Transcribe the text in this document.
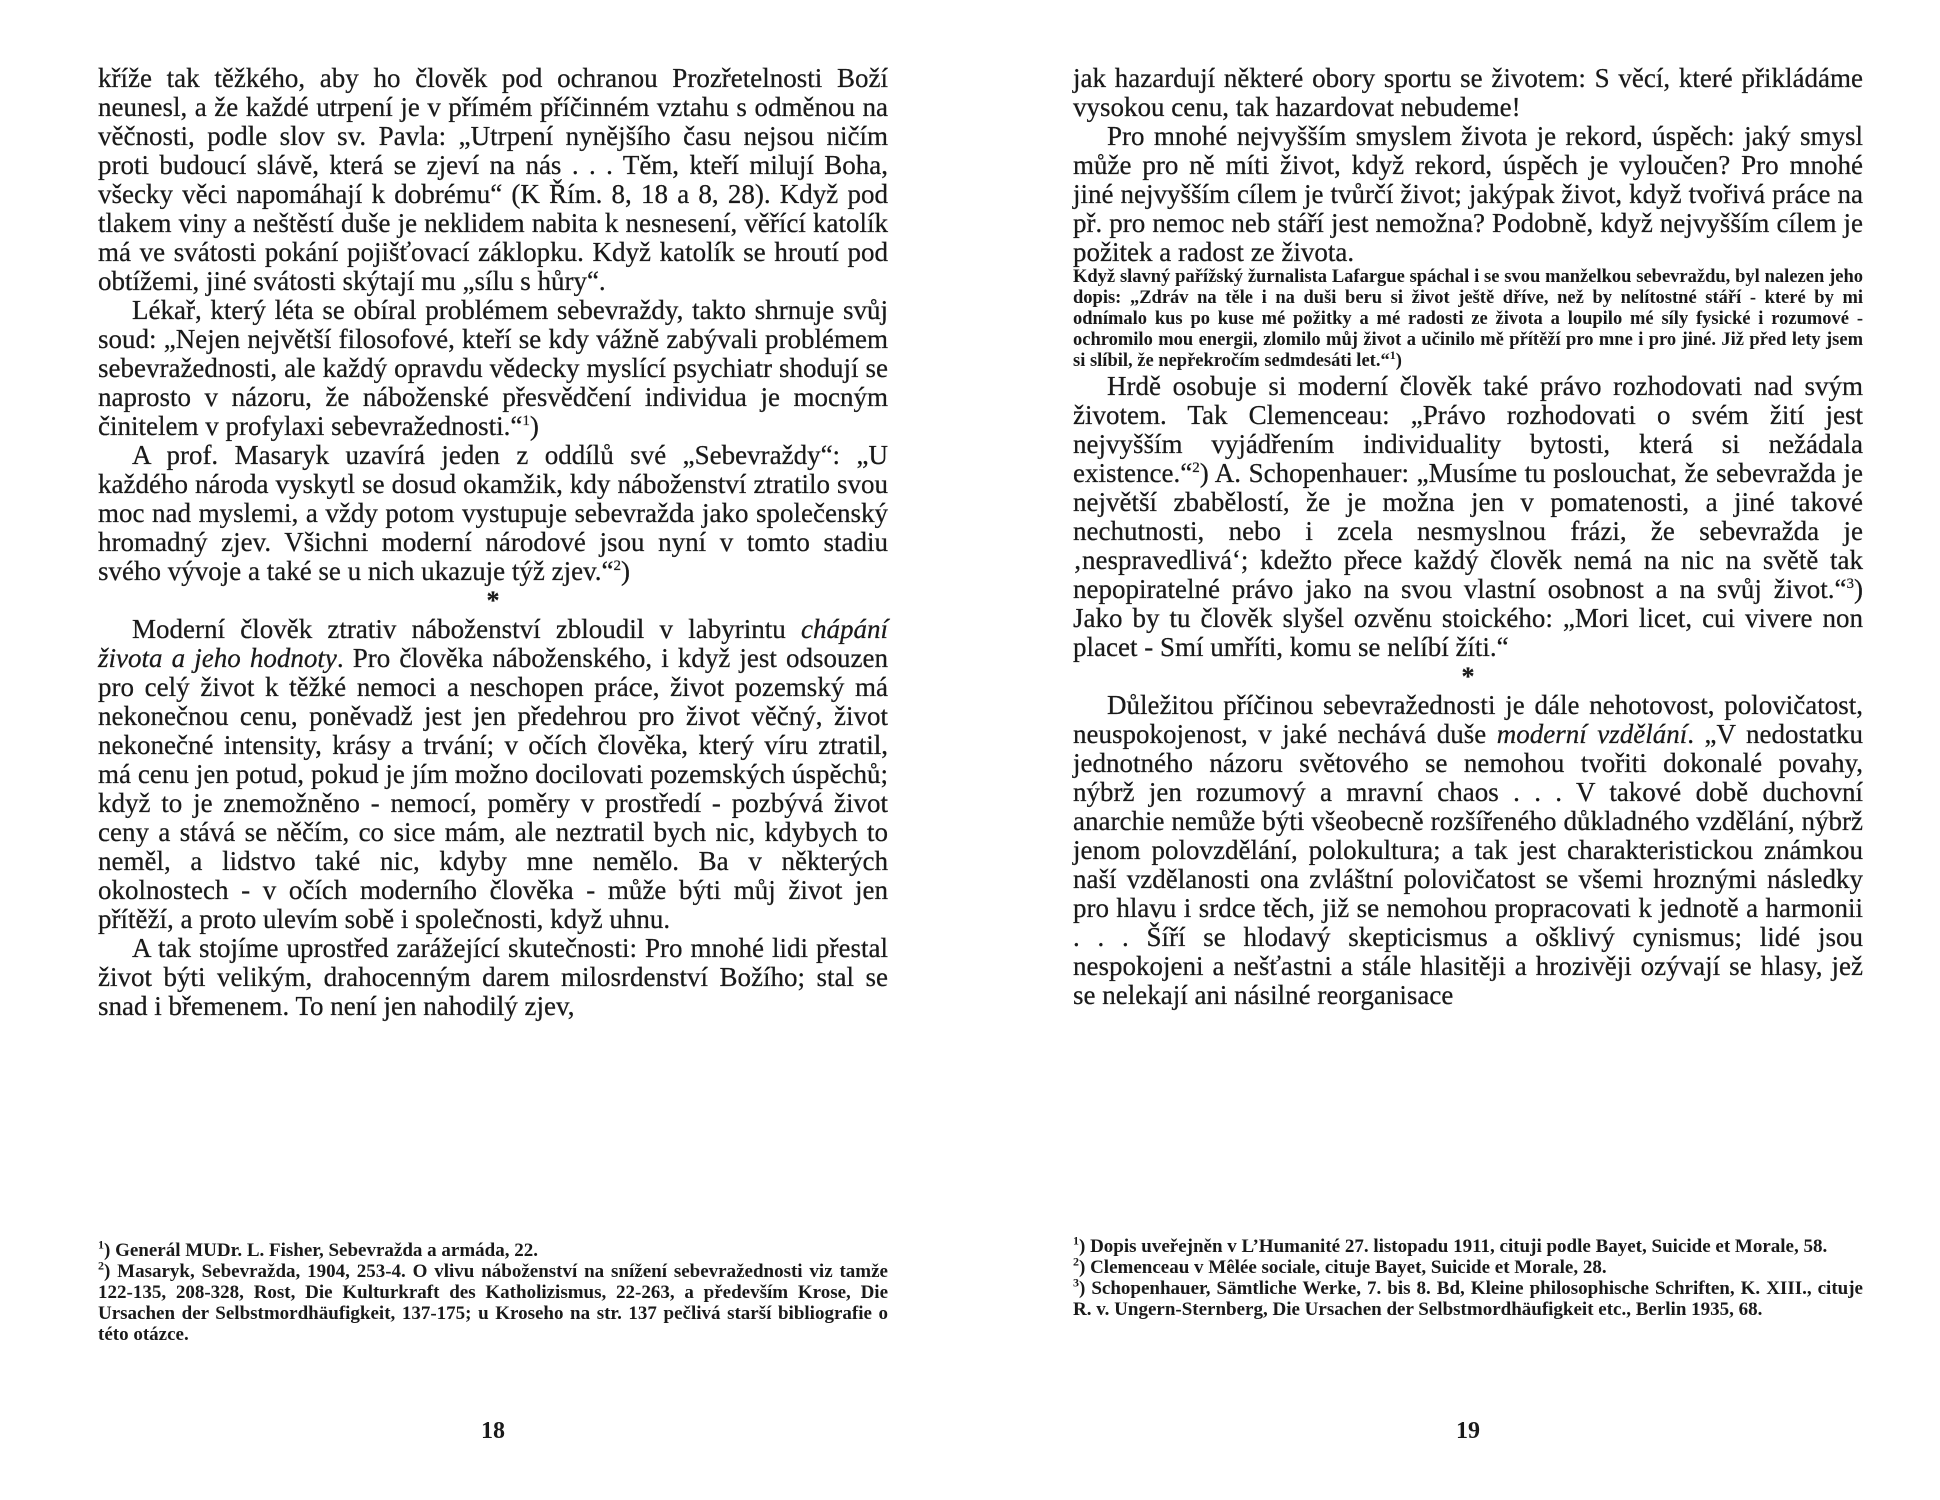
kříže tak těžkého, aby ho člověk pod ochranou Prozřetelnosti Boží neunesl, a že každé utrpení je v přímém příčinném vztahu s odměnou na věčnosti, podle slov sv. Pavla: „Utrpení nynějšího času nejsou ničím proti budoucí slávě, která se zjeví na nás . . . Těm, kteří milují Boha, všecky věci napomáhají k dobrému“ (K Řím. 8, 18 a 8, 28). Když pod tlakem viny a neštěstí duše je neklidem nabita k nesnesení, věřící katolík má ve svátosti pokání pojišťovací záklopku. Když katolík se hroutí pod obtížemi, jiné svátosti skýtají mu „sílu s hůry“.

Lékař, který léta se obíral problémem sebevraždy, takto shrnuje svůj soud: „Nejen největší filosofové, kteří se kdy vážně zabývali problémem sebevražednosti, ale každý opravdu vědecky myslící psychiatr shodují se naprosto v názoru, že náboženské přesvědčení individua je mocným činitelem v profylaxi sebevražednosti.“$^1$)

A prof. Masaryk uzavírá jeden z oddílů své „Sebevraždy“: „U každého národa vyskytl se dosud okamžik, kdy náboženství ztratilo svou moc nad myslemi, a vždy potom vystupuje sebevražda jako společenský hromadný zjev. Všichni moderní národové jsou nyní v tomto stadiu svého vývoje a také se u nich ukazuje týž zjev.“$^2$)

*

Moderní člověk ztrativ náboženství zbloudil v labyrintu chápání života a jeho hodnoty. Pro člověka náboženského, i když jest odsouzen pro celý život k těžké nemoci a neschopen práce, život pozemský má nekonečnou cenu, poněvadž jest jen předehrou pro život věčný, život nekonečné intensity, krásy a trvání; v očích člověka, který víru ztratil, má cenu jen potud, pokud je jím možno docilovati pozemských úspěchů; když to je znemožněno - nemocí, poměry v prostředí - pozbývá život ceny a stává se něčím, co sice mám, ale neztratil bych nic, kdybych to neměl, a lidstvo také nic, kdyby mne nemělo. Ba v některých okolnostech - v očích moderního člověka - může býti můj život jen přítěží, a proto ulevím sobě i společnosti, když uhnu.

A tak stojíme uprostřed zarážející skutečnosti: Pro mnohé lidi přestal život býti velikým, drahocenným darem milosrdenství Božího; stal se snad i břemenem. To není jen nahodilý zjev,

$^1$) Generál MUDr. L. Fisher, Sebevražda a armáda, 22.

$^2$) Masaryk, Sebevražda, 1904, 253-4. O vlivu náboženství na snížení sebevražednosti viz tamže 122-135, 208-328, Rost, Die Kulturkraft des Katholizismus, 22-263, a především Krose, Die Ursachen der Selbstmordhäufigkeit, 137-175; u Kroseho na str. 137 pečlivá starší bibliografie o této otázce.

18

jak hazardují některé obory sportu se životem: S věcí, které přikládáme vysokou cenu, tak hazardovat nebudeme!

Pro mnohé nejvyšším smyslem života je rekord, úspěch: jaký smysl může pro ně míti život, když rekord, úspěch je vyloučen? Pro mnohé jiné nejvyšším cílem je tvůrčí život; jakýpak život, když tvořivá práce na př. pro nemoc neb stáří jest nemožna? Podobně, když nejvyšším cílem je požitek a radost ze života.

Když slavný pařížský žurnalista Lafargue spáchal i se svou manželkou sebevraždu, byl nalezen jeho dopis: „Zdráv na těle i na duši beru si život ještě dříve, než by nelítostné stáří - které by mi odnímalo kus po kuse mé požitky a mé radosti ze života a loupilo mé síly fysické i rozumové - ochromilo mou energii, zlomilo můj život a učinilo mě přítěží pro mne i pro jiné. Již před lety jsem si slíbil, že nepřekročím sedmdesáti let.“$^1$)

Hrdě osobuje si moderní člověk také právo rozhodovati nad svým životem. Tak Clemenceau: „Právo rozhodovati o svém žití jest nejvyšším vyjádřením individuality bytosti, která si nežádala existence.“$^2$) A. Schopenhauer: „Musíme tu poslouchat, že sebevražda je největší zbabělostí, že je možna jen v pomatenosti, a jiné takové nechutnosti, nebo i zcela nesmyslnou frázi, že sebevražda je ‚nespravedlivá‘; kdežto přece každý člověk nemá na nic na světě tak nepopiratelné právo jako na svou vlastní osobnost a na svůj život.“$^3$) Jako by tu člověk slyšel ozvěnu stoického: „Mori licet, cui vivere non placet - Smí umříti, komu se nelíbí žíti.“

*

Důležitou příčinou sebevražednosti je dále nehotovost, polovičatost, neuspokojenost, v jaké nechává duše moderní vzdělání. „V nedostatku jednotného názoru světového se nemohou tvořiti dokonalé povahy, nýbrž jen rozumový a mravní chaos . . . V takové době duchovní anarchie nemůže býti všeobecně rozšířeného důkladného vzdělání, nýbrž jenom polovzdělání, polokultura; a tak jest charakteristickou známkou naší vzdělanosti ona zvláštní polovičatost se všemi hroznými následky pro hlavu i srdce těch, již se nemohou propracovati k jednotě a harmonii . . . Šíří se hlodavý skepticismus a ošklivý cynismus; lidé jsou nespokojeni a nešťastni a stále hlasitěji a hrozivěji ozývají se hlasy, jež se nelekají ani násilné reorganisace

$^1$) Dopis uveřejněn v L’Humanité 27. listopadu 1911, cituji podle Bayet, Suicide et Morale, 58.

$^2$) Clemenceau v Mêlée sociale, cituje Bayet, Suicide et Morale, 28.

$^3$) Schopenhauer, Sämtliche Werke, 7. bis 8. Bd, Kleine philosophische Schriften, K. XIII., cituje R. v. Ungern-Sternberg, Die Ursachen der Selbstmordhäufigkeit etc., Berlin 1935, 68.

19
